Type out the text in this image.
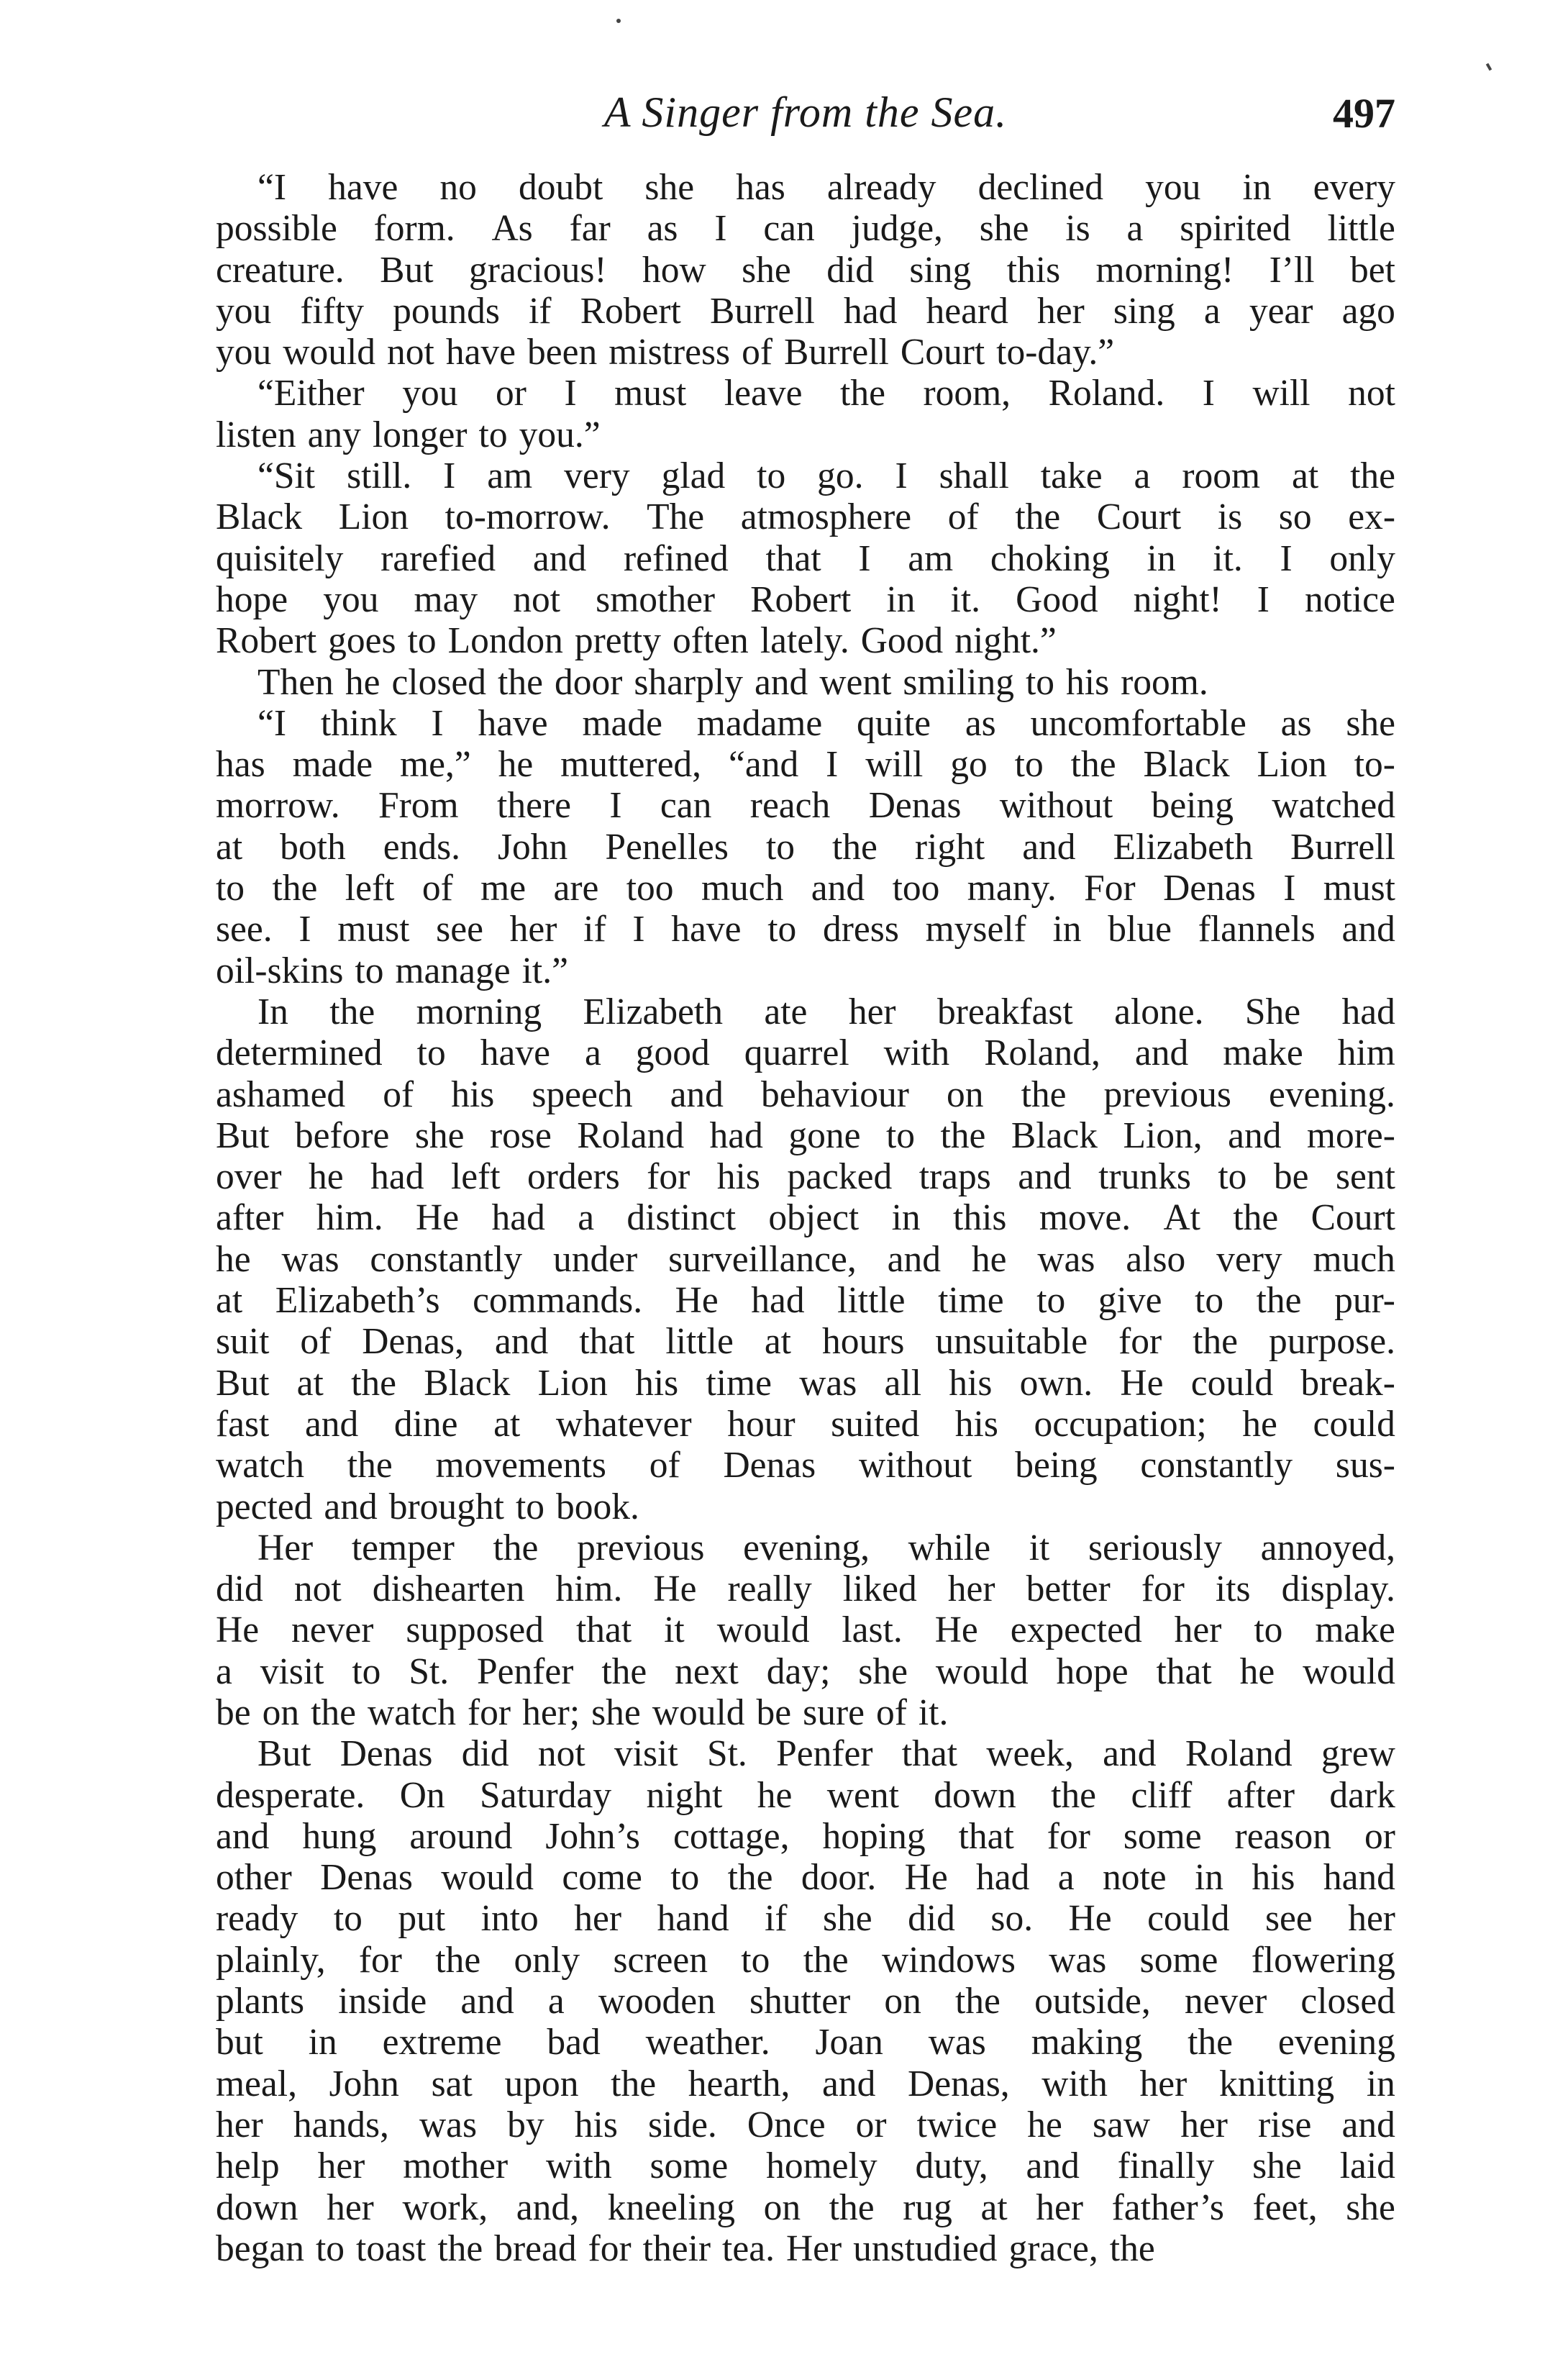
A Singer from the Sea.	497
“I have no doubt she has already declined you in every
possible form. As far as I can judge, she is a spirited little
creature. But gracious! how she did sing this morning! I’ll bet
you fifty pounds if Robert Burrell had heard her sing a year ago
you would not have been mistress of Burrell Court to-day.”
“Either you or I must leave the room, Roland. I will not
listen any longer to you.”
“Sit still. I am very glad to go. I shall take a room at the
Black Lion to-morrow. The atmosphere of the Court is so ex-
quisitely rarefied and refined that I am choking in it. I only
hope you may not smother Robert in it. Good night! I notice
Robert goes to London pretty often lately. Good night.”
Then he closed the door sharply and went smiling to his room.
“I think I have made madame quite as uncomfortable as she
has made me,” he muttered, “and I will go to the Black Lion to-
morrow. From there I can reach Denas without being watched
at both ends. John Penelles to the right and Elizabeth Burrell
to the left of me are too much and too many. For Denas I must
see. I must see her if I have to dress myself in blue flannels and
oil-skins to manage it.”
In the morning Elizabeth ate her breakfast alone. She had
determined to have a good quarrel with Roland, and make him
ashamed of his speech and behaviour on the previous evening.
But before she rose Roland had gone to the Black Lion, and more-
over he had left orders for his packed traps and trunks to be sent
after him. He had a distinct object in this move. At the Court
he was constantly under surveillance, and he was also very much
at Elizabeth’s commands. He had little time to give to the pur-
suit of Denas, and that little at hours unsuitable for the purpose.
But at the Black Lion his time was all his own. He could break-
fast and dine at whatever hour suited his occupation; he could
watch the movements of Denas without being constantly sus-
pected and brought to book.
Her temper the previous evening, while it seriously annoyed,
did not dishearten him. He really liked her better for its display.
He never supposed that it would last. He expected her to make
a visit to St. Penfer the next day; she would hope that he would
be on the watch for her; she would be sure of it.
But Denas did not visit St. Penfer that week, and Roland grew
desperate. On Saturday night he went down the cliff after dark
and hung around John’s cottage, hoping that for some reason or
other Denas would come to the door. He had a note in his hand
ready to put into her hand if she did so. He could see her
plainly, for the only screen to the windows was some flowering
plants inside and a wooden shutter on the outside, never closed
but in extreme bad weather. Joan was making the evening
meal, John sat upon the hearth, and Denas, with her knitting in
her hands, was by his side. Once or twice he saw her rise and
help her mother with some homely duty, and finally she laid
down her work, and, kneeling on the rug at her father’s feet, she
began to toast the bread for their tea. Her unstudied grace, the
